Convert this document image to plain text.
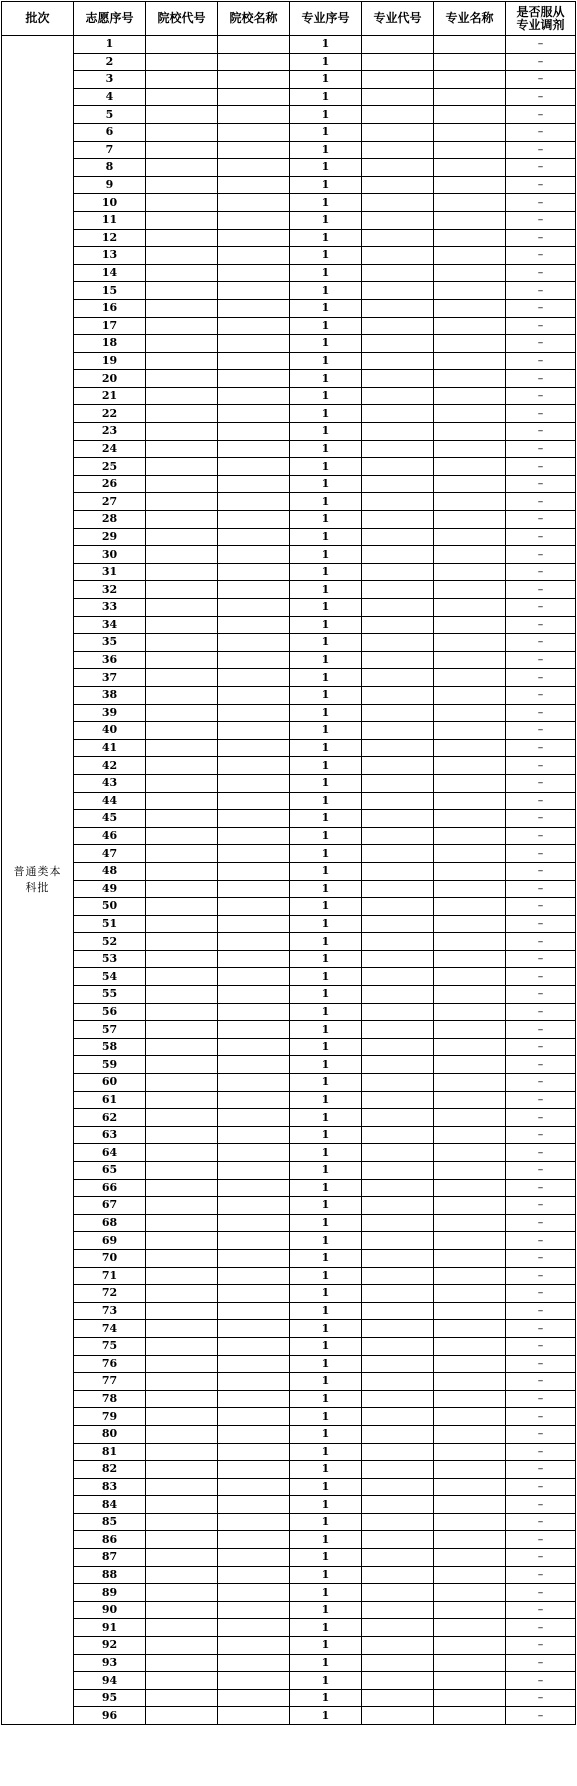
批次	志愿序号	院校代号	院校名称	专业序号	专业代号	专业名称	是否服从
专业调剂

普通类本
科批	1			1			–
	2			1			–
	3			1			–
	4			1			–
	5			1			–
	6			1			–
	7			1			–
	8			1			–
	9			1			–
	10			1			–
	11			1			–
	12			1			–
	13			1			–
	14			1			–
	15			1			–
	16			1			–
	17			1			–
	18			1			–
	19			1			–
	20			1			–
	21			1			–
	22			1			–
	23			1			–
	24			1			–
	25			1			–
	26			1			–
	27			1			–
	28			1			–
	29			1			–
	30			1			–
	31			1			–
	32			1			–
	33			1			–
	34			1			–
	35			1			–
	36			1			–
	37			1			–
	38			1			–
	39			1			–
	40			1			–
	41			1			–
	42			1			–
	43			1			–
	44			1			–
	45			1			–
	46			1			–
	47			1			–
	48			1			–
	49			1			–
	50			1			–
	51			1			–
	52			1			–
	53			1			–
	54			1			–
	55			1			–
	56			1			–
	57			1			–
	58			1			–
	59			1			–
	60			1			–
	61			1			–
	62			1			–
	63			1			–
	64			1			–
	65			1			–
	66			1			–
	67			1			–
	68			1			–
	69			1			–
	70			1			–
	71			1			–
	72			1			–
	73			1			–
	74			1			–
	75			1			–
	76			1			–
	77			1			–
	78			1			–
	79			1			–
	80			1			–
	81			1			–
	82			1			–
	83			1			–
	84			1			–
	85			1			–
	86			1			–
	87			1			–
	88			1			–
	89			1			–
	90			1			–
	91			1			–
	92			1			–
	93			1			–
	94			1			–
	95			1			–
	96			1			–
